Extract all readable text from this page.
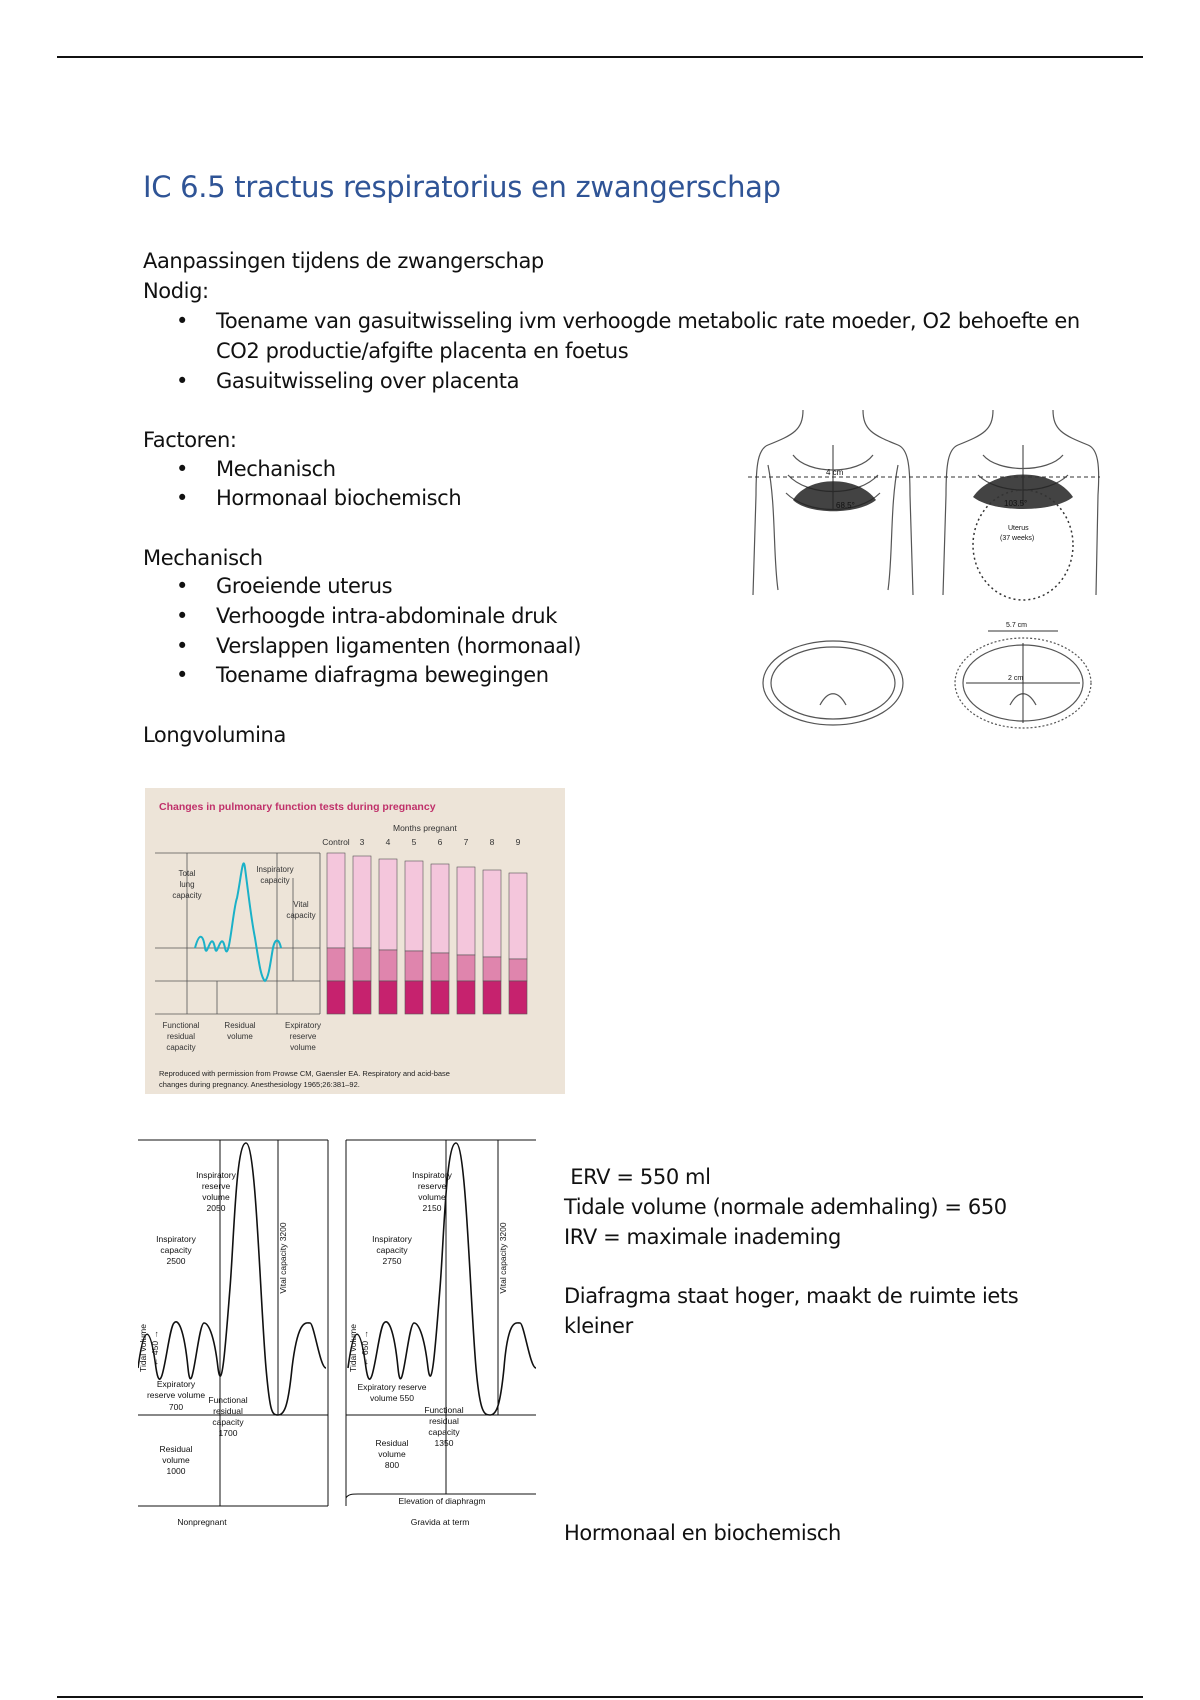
IC 6.5 tractus respiratorius en zwangerschap
Aanpassingen tijdens de zwangerschap
Nodig:
• Toename van gasuitwisseling ivm verhoogde metabolic rate moeder, O2 behoefte en
CO2 productie/afgifte placenta en foetus
• Gasuitwisseling over placenta
Factoren:
• Mechanisch
• Hormonaal biochemisch
Mechanisch
• Groeiende uterus
• Verhoogde intra-abdominale druk
• Verslappen ligamenten (hormonaal)
• Toename diafragma bewegingen
Longvolumina
4 cm
68.5°	103.5°
Uterus
(37 weeks)
5.7 cm
2 cm
Changes in pulmonary function tests during pregnancy
Months pregnant
Control 3	4	5	6	7	8	9
Total
lung
capacity
Inspiratory
capacity
Vital
capacity
Functional
residual
capacity
Residual
volume
Expiratory
reserve
volume
Reproduced with permission from Prowse CM, Gaensler EA. Respiratory and acid-base
changes during pregnancy. Anesthesiology 1965;26:381–92.
Inspiratory
reserve
volume
2050
Inspiratory
capacity
2500
Expiratory
reserve volume
700
Functional
residual
capacity
1700
Residual
volume
1000
Nonpregnant
Inspiratory
reserve
volume
2150
Inspiratory
capacity
2750
Expiratory reserve
volume 550
Functional
residual
capacity
1350
Residual
volume
800
Elevation of diaphragm
Gravida at term
Tidal volume ← 450 →
Vital capacity 3200
Tidal volume ← 650 →
Vital capacity 3200
ERV = 550 ml
Tidale volume (normale ademhaling) = 650
IRV = maximale inademing
Diafragma staat hoger, maakt de ruimte iets
kleiner
Hormonaal en biochemisch
